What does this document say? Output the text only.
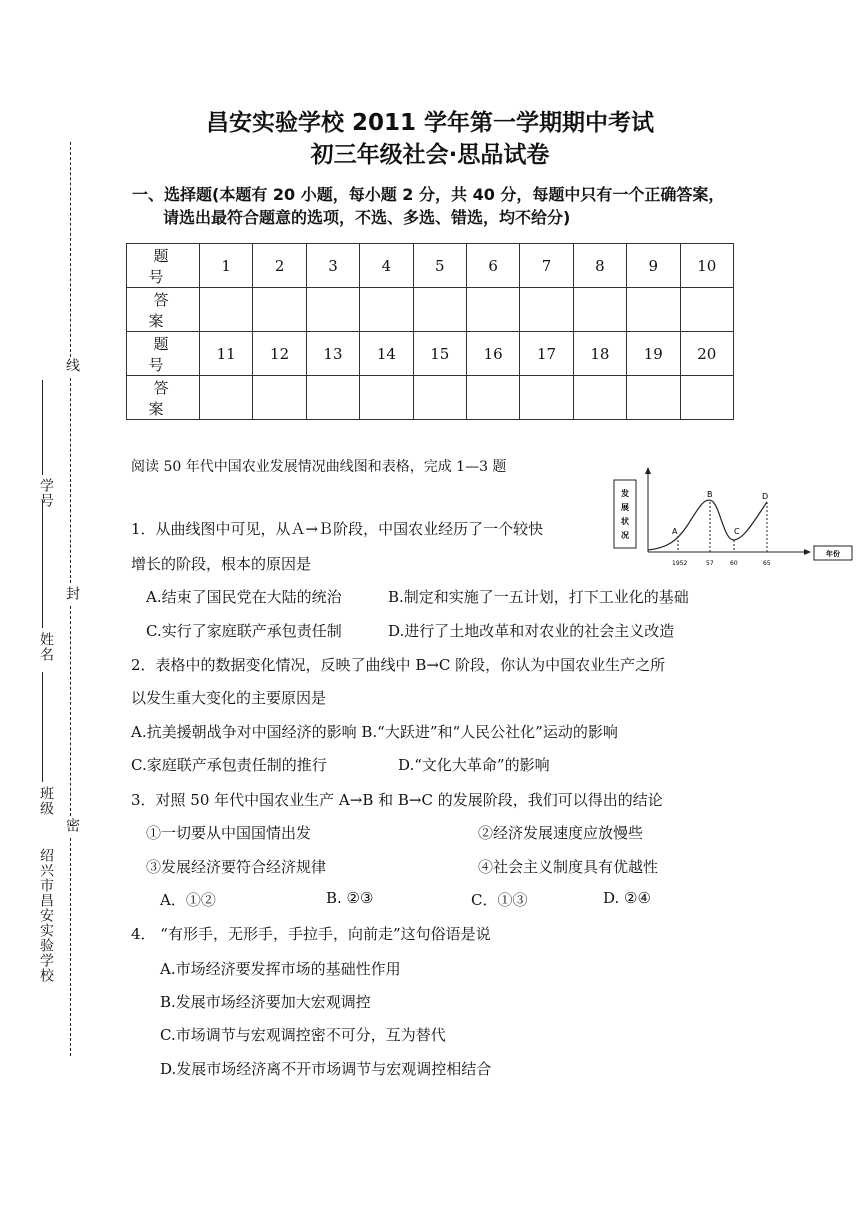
线
封
密
学号
姓名
班级
绍兴市昌安实验学校
昌安实验学校 2011 学年第一学期期中考试
初三年级社会·思品试卷
一、选择题(本题有 20 小题，每小题 2 分，共 40 分，每题中只有一个正确答案，
请选出最符合题意的选项，不选、多选、错选，均不给分)
题 号	1	2	3	4	5	6	7	8	9	10
答 案										
题 号	11	12	13	14	15	16	17	18	19	20
答 案										
阅读 50 年代中国农业发展情况曲线图和表格，完成 1—3 题
发展状况	A
B
C
D
1952	57	60	65
年份
1．从曲线图中可见，从Ａ→Ｂ阶段，中国农业经历了一个较快
增长的阶段，根本的原因是
A.结束了国民党在大陆的统治	B.制定和实施了一五计划，打下工业化的基础
C.实行了家庭联产承包责任制	D.进行了土地改革和对农业的社会主义改造
2．表格中的数据变化情况，反映了曲线中 B→C 阶段，你认为中国农业生产之所
以发生重大变化的主要原因是
A.抗美援朝战争对中国经济的影响 B.“大跃进”和“人民公社化”运动的影响
C.家庭联产承包责任制的推行	D.“文化大革命”的影响
3．对照 50 年代中国农业生产 A→B 和 B→C 的发展阶段，我们可以得出的结论
①一切要从中国国情出发	②经济发展速度应放慢些
③发展经济要符合经济规律	④社会主义制度具有优越性
A．①②	B. ②③	C．①③	D. ②④
4． “有形手，无形手，手拉手，向前走”这句俗语是说
A.市场经济要发挥市场的基础性作用
B.发展市场经济要加大宏观调控
C.市场调节与宏观调控密不可分，互为替代
D.发展市场经济离不开市场调节与宏观调控相结合
